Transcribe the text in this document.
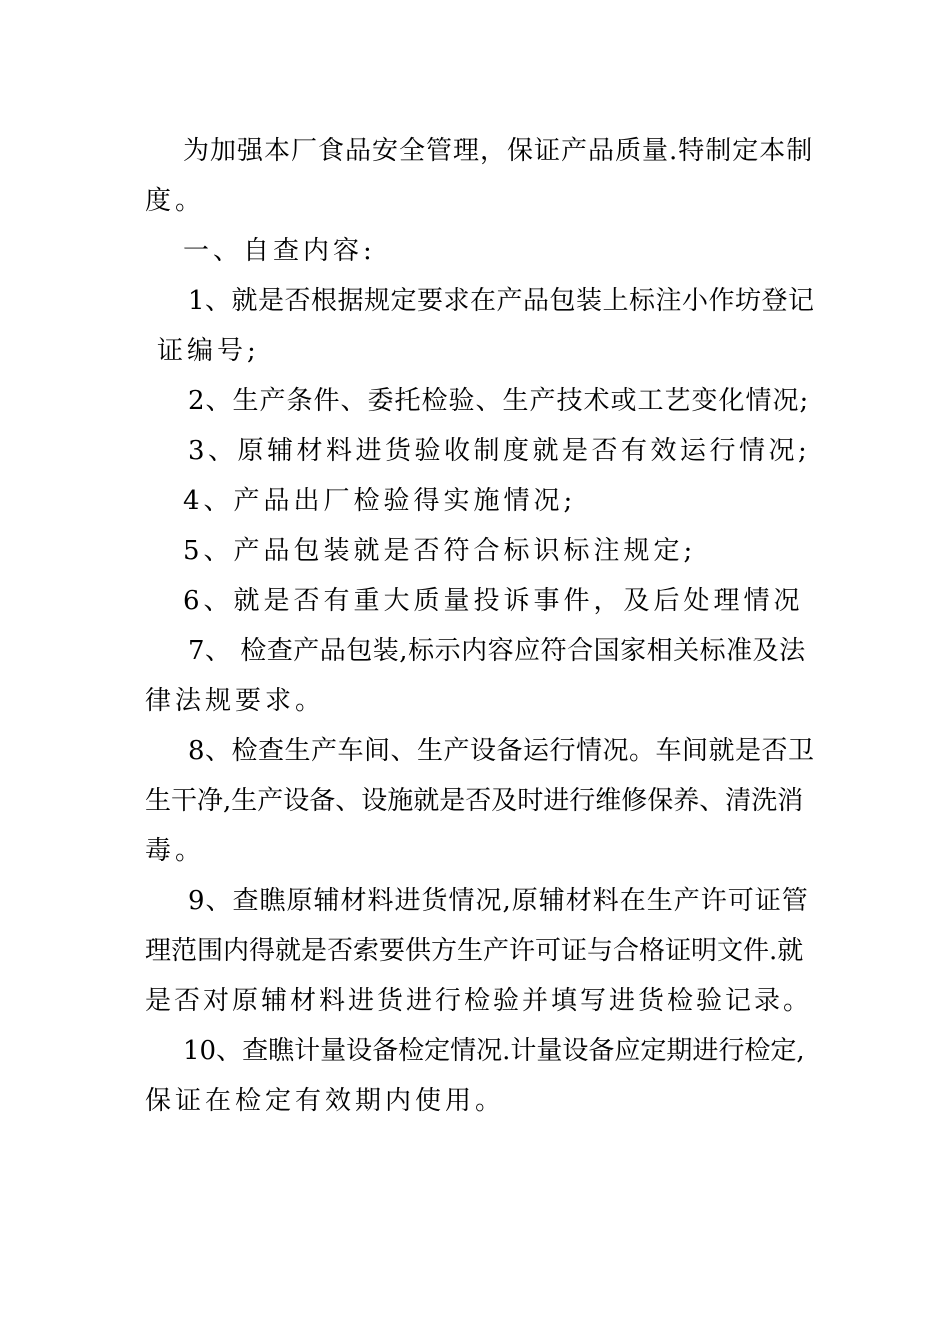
为加强本厂食品安全管理，保证产品质量.特制定本制
度。
一、自查内容:
1、就是否根据规定要求在产品包装上标注小作坊登记
证编号;
2、生产条件、委托检验、生产技术或工艺变化情况;
3、原辅材料进货验收制度就是否有效运行情况;
4、产品出厂检验得实施情况;
5、产品包装就是否符合标识标注规定;
6、就是否有重大质量投诉事件，及后处理情况
7、 检查产品包装,标示内容应符合国家相关标准及法
律法规要求。
8、检查生产车间、生产设备运行情况。车间就是否卫
生干净,生产设备、设施就是否及时进行维修保养、清洗消
毒。
9、查瞧原辅材料进货情况,原辅材料在生产许可证管
理范围内得就是否索要供方生产许可证与合格证明文件.就
是否对原辅材料进货进行检验并填写进货检验记录。
10、查瞧计量设备检定情况.计量设备应定期进行检定,
保证在检定有效期内使用。
